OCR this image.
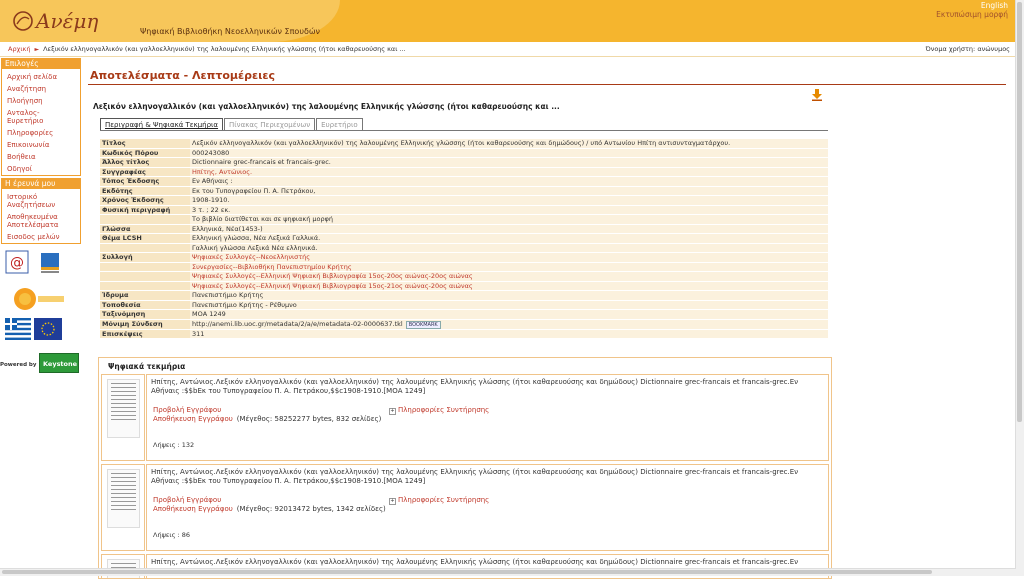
Ανέμη	Ψηφιακή Βιβλιοθήκη Νεοελληνικών Σπουδών
English
Εκτυπώσιμη μορφή
Αρχική ► Λεξικόν ελληνογαλλικόν (και γαλλοελληνικόν) της λαλουμένης Ελληνικής γλώσσης (ήτοι καθαρευούσης και ...	Όνομα χρήστη: ανώνυμος
Επιλογές
Αρχική σελίδα
Αναζήτηση
Πλοήγηση
Ανταλος-Ευρετήριο
Πληροφορίες
Επικοινωνία
Βοήθεια
Οδηγοί
Η έρευνά μου
Ιστορικό Αναζητήσεων
Αποθηκευμένα Αποτελέσματα
Εισοδος μελών
@
Powered by Keystone
Αποτελέσματα - Λεπτομέρειες
Λεξικόν ελληνογαλλικόν (και γαλλοελληνικόν) της λαλουμένης Ελληνικής γλώσσης (ήτοι καθαρευούσης και ...
Περιγραφή & Ψηφιακά Τεκμήρια	Πίνακας Περιεχομένων	Ευρετήριο
Τίτλος	Λεξικόν ελληνογαλλικόν (και γαλλοελληνικόν) της λαλουμένης Ελληνικής γλώσσης (ήτοι καθαρευούσης και δημώδους) / υπό Αντωνίου Ηπίτη αντισυνταγματάρχου.
Κωδικός Πόρου	000243080
Άλλος τίτλος	Dictionnaire grec-francais et francais-grec.
Συγγραφέας	Ηπίτης, Αντώνιος.
Τόπος Έκδοσης	Εν Αθήναις :
Εκδότης	Εκ του Τυπογραφείου Π. Α. Πετράκου,
Χρόνος Έκδοσης	1908-1910.
Φυσική περιγραφή	3 τ. ; 22 εκ.
	Το βιβλίο διατίθεται και σε ψηφιακή μορφή
Γλώσσα	Ελληνικά, Νέα(1453-)
Θέμα LCSH	Ελληνική γλώσσα, Νέα Λεξικά Γαλλικά.
	Γαλλική γλώσσα Λεξικά Νέα ελληνικά.
Συλλογή	Ψηφιακές Συλλογές--Νεοελληνιστής
	Συνεργασίες--Βιβλιοθήκη Πανεπιστημίου Κρήτης
	Ψηφιακές Συλλογές--Ελληνική Ψηφιακή Βιβλιογραφία 15ος-20ος αιώνας-20ος αιώνας
	Ψηφιακές Συλλογές--Ελληνική Ψηφιακή Βιβλιογραφία 15ος-21ος αιώνας-20ος αιώνας
Ίδρυμα	Πανεπιστήμιο Κρήτης
Τοποθεσία	Πανεπιστήμιο Κρήτης - Ρέθυμνο
Ταξινόμηση	ΜΟΑ 1249
Μόνιμη Σύνδεση	http://anemi.lib.uoc.gr/metadata/2/a/e/metadata-02-0000637.tkl BOOKMARK
Επισκέψεις	311
Ψηφιακά τεκμήρια
Ηπίτης, Αντώνιος.Λεξικόν ελληνογαλλικόν (και γαλλοελληνικόν) της λαλουμένης Ελληνικής γλώσσης (ήτοι καθαρευούσης και δημώδους) Dictionnaire grec-francais et francais-grec.Εν Αθήναις :$$bΕκ του Τυπογραφείου Π. Α. Πετράκου,$$c1908-1910.[ΜΟΑ 1249]
Προβολή Εγγράφου
Αποθήκευση Εγγράφου (Μέγεθος: 58252277 bytes, 832 σελίδες)
+ Πληροφορίες Συντήρησης
Λήψεις : 132
Ηπίτης, Αντώνιος.Λεξικόν ελληνογαλλικόν (και γαλλοελληνικόν) της λαλουμένης Ελληνικής γλώσσης (ήτοι καθαρευούσης και δημώδους) Dictionnaire grec-francais et francais-grec.Εν Αθήναις :$$bΕκ του Τυπογραφείου Π. Α. Πετράκου,$$c1908-1910.[ΜΟΑ 1249]
Προβολή Εγγράφου
Αποθήκευση Εγγράφου (Μέγεθος: 92013472 bytes, 1342 σελίδες)
+ Πληροφορίες Συντήρησης
Λήψεις : 86
Ηπίτης, Αντώνιος.Λεξικόν ελληνογαλλικόν (και γαλλοελληνικόν) της λαλουμένης Ελληνικής γλώσσης (ήτοι καθαρευούσης και δημώδους) Dictionnaire grec-francais et francais-grec.Εν
